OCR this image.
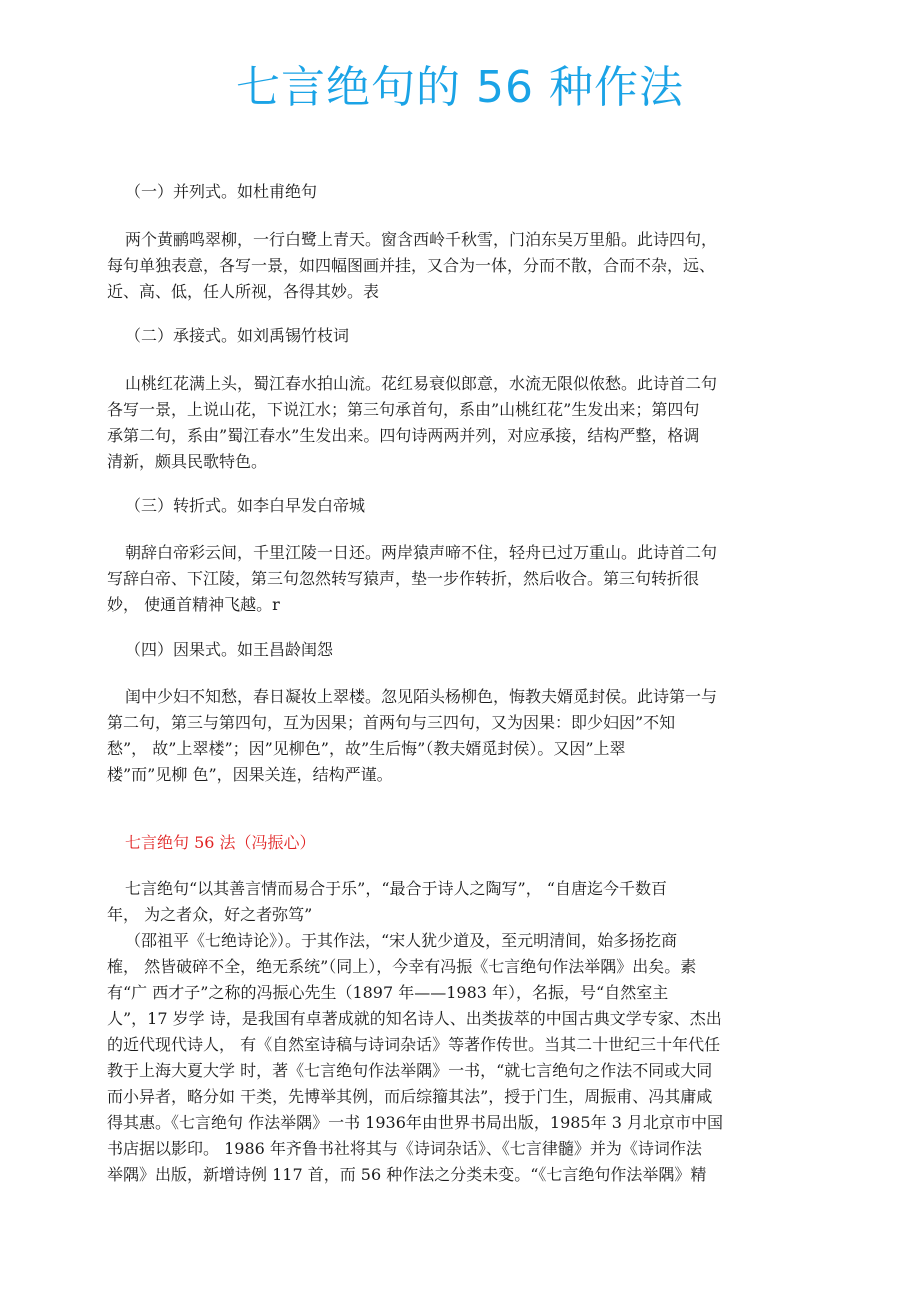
七言绝句的 56 种作法

（一）并列式。如杜甫绝句

两个黄鹂鸣翠柳，一行白鹭上青天。窗含西岭千秋雪，门泊东吴万里船。此诗四句，
每句单独表意，各写一景，如四幅图画并挂，又合为一体，分而不散，合而不杂，远、
近、高、低，任人所视，各得其妙。表

（二）承接式。如刘禹锡竹枝词

山桃红花满上头，蜀江春水拍山流。花红易衰似郎意，水流无限似侬愁。此诗首二句
各写一景，上说山花，下说江水；第三句承首句，系由”山桃红花”生发出来；第四句
承第二句，系由”蜀江春水”生发出来。四句诗两两并列，对应承接，结构严整，格调
清新，颇具民歌特色。

（三）转折式。如李白早发白帝城

朝辞白帝彩云间，千里江陵一日还。两岸猿声啼不住，轻舟已过万重山。此诗首二句
写辞白帝、下江陵，第三句忽然转写猿声，垫一步作转折，然后收合。第三句转折很
妙， 使通首精神飞越。r

（四）因果式。如王昌龄闺怨

闺中少妇不知愁，春日凝妆上翠楼。忽见陌头杨柳色，悔教夫婿觅封侯。此诗第一与
第二句，第三与第四句，互为因果；首两句与三四句，又为因果：即少妇因”不知
愁”， 故”上翠楼”；因”见柳色”，故”生后悔”（教夫婿觅封侯）。又因”上翠
楼”而”见柳 色”，因果关连，结构严谨。

七言绝句 56 法（冯振心）

七言绝句“以其善言情而易合于乐”，“最合于诗人之陶写”， “自唐迄今千数百
年， 为之者众，好之者弥笃”
（邵祖平《七绝诗论》）。于其作法，“宋人犹少道及，至元明清间，始多扬扢商
榷， 然皆破碎不全，绝无系统”（同上），今幸有冯振《七言绝句作法举隅》出矣。素
有“广 西才子”之称的冯振心先生（1897 年——1983 年），名振，号“自然室主
人”，17 岁学 诗，是我国有卓著成就的知名诗人、出类拔萃的中国古典文学专家、杰出
的近代现代诗人， 有《自然室诗稿与诗词杂话》等著作传世。当其二十世纪三十年代任
教于上海大夏大学 时，著《七言绝句作法举隅》一书，“就七言绝句之作法不同或大同
而小异者，略分如 干类，先博举其例，而后综籀其法”，授于门生，周振甫、冯其庸咸
得其惠。《七言绝句 作法举隅》一书 1936年由世界书局出版，1985年 3 月北京市中国
书店据以影印。 1986 年齐鲁书社将其与《诗词杂话》、《七言律髓》并为《诗词作法
举隅》出版，新增诗例 117 首，而 56 种作法之分类未变。“《七言绝句作法举隅》精
